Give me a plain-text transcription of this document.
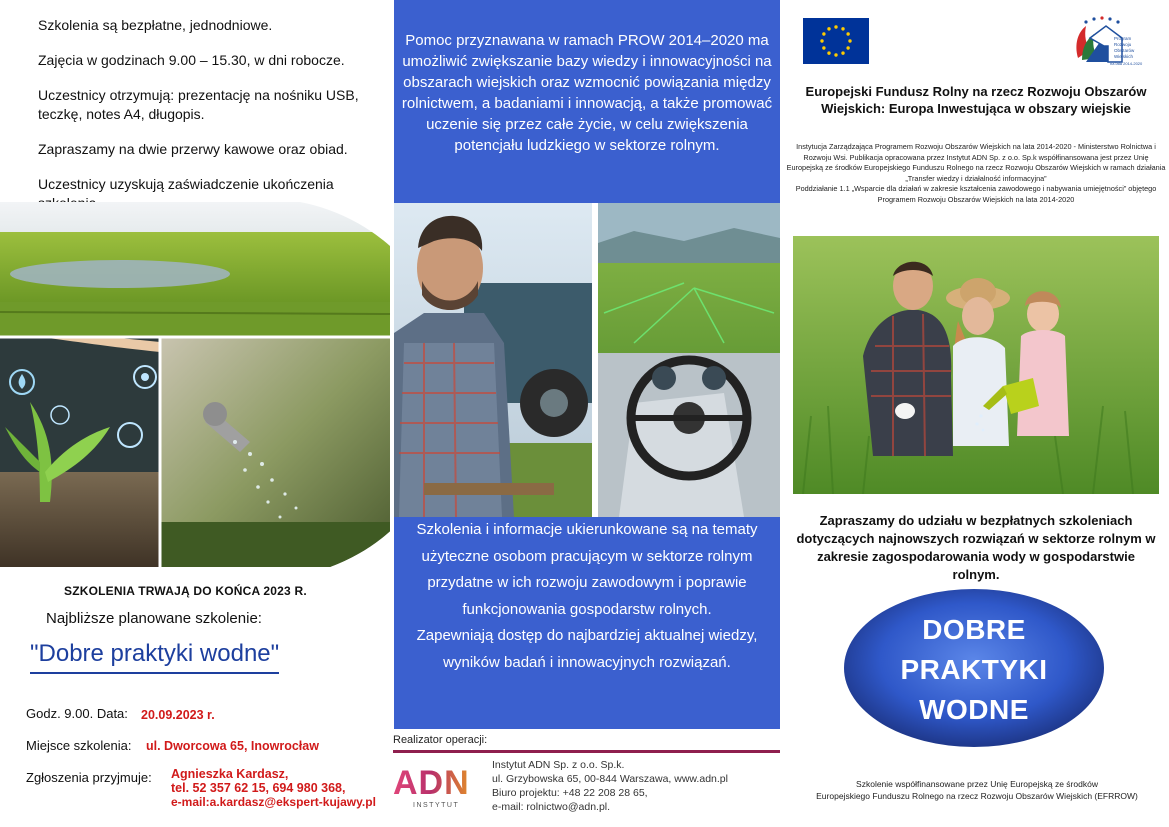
Szkolenia są bezpłatne, jednodniowe.

Zajęcia w godzinach 9.00 – 15.30, w dni robocze.

Uczestnicy otrzymują: prezentację na nośniku USB, teczkę, notes A4, długopis.

Zapraszamy na dwie przerwy kawowe oraz obiad.

Uczestnicy uzyskują zaświadczenie ukończenia

SZKOLENIA TRWAJĄ DO KOŃCA 2023 R.
Najbliższe planowane szkolenie:
"Dobre praktyki wodne"
Godz. 9.00. Data: 20.09.2023 r.
Miejsce szkolenia: ul. Dworcowa 65, Inowrocław
Zgłoszenia przyjmuje: Agnieszka Kardasz,
tel. 52 357 62 15, 694 980 368,
e-mail:a.kardasz@ekspert-kujawy.pl
Pomoc przyznawana w ramach PROW 2014–2020 ma umożliwić zwiększanie bazy wiedzy i innowacyjności na obszarach wiejskich oraz wzmocnić powiązania między rolnictwem, a badaniami i innowacją, a także promować uczenie się przez całe życie, w celu zwiększenia potencjału ludzkiego w sektorze rolnym.
Szkolenia i informacje ukierunkowane są na tematy użyteczne osobom pracującym w sektorze rolnym przydatne w ich rozwoju zawodowym i poprawie funkcjonowania gospodarstw rolnych.
Zapewniają dostęp do najbardziej aktualnej wiedzy, wyników badań i innowacyjnych rozwiązań.
Realizator operacji:
ADN
INSTYTUT
Instytut ADN Sp. z o.o. Sp.k.
ul. Grzybowska 65, 00-844 Warszawa, www.adn.pl
Biuro projektu: +48 22 208 28 65,
e-mail: rolnictwo@adn.pl.
Program
Rozwoju
Obszarów
Wiejskich
na lata 2014-2020
Europejski Fundusz Rolny na rzecz Rozwoju Obszarów Wiejskich: Europa Inwestująca w obszary wiejskie
Instytucja Zarządzająca Programem Rozwoju Obszarów Wiejskich na lata 2014-2020 - Ministerstwo Rolnictwa i Rozwoju Wsi. Publikacja opracowana przez Instytut ADN Sp. z o.o. Sp.k współfinansowana jest przez Unię Europejską ze środków Europejskiego Funduszu Rolnego na rzecz Rozwoju Obszarów Wiejskich w ramach działania
„Transfer wiedzy i działalność informacyjna”
Poddziałanie 1.1 „Wsparcie dla działań w zakresie kształcenia zawodowego i nabywania umiejętności” objętego Programem Rozwoju Obszarów Wiejskich na lata 2014-2020
Zapraszamy do udziału w bezpłatnych szkoleniach dotyczących najnowszych rozwiązań w sektorze rolnym w zakresie zagospodarowania wody w gospodarstwie rolnym.
DOBRE
PRAKTYKI
WODNE
Szkolenie współfinansowane przez Unię Europejską ze środków
Europejskiego Funduszu Rolnego na rzecz Rozwoju Obszarów Wiejskich (EFRROW)
